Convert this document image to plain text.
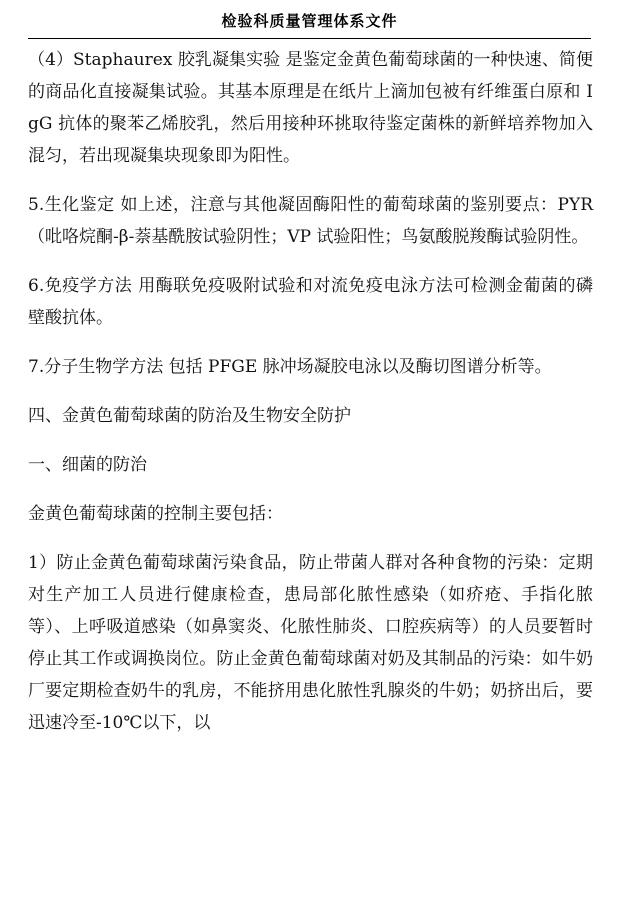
检验科质量管理体系文件

（4）Staphaurex 胶乳凝集实验 是鉴定金黄色葡萄球菌的一种快速、简便的商品化直接凝集试验。其基本原理是在纸片上滴加包被有纤维蛋白原和 IgG 抗体的聚苯乙烯胶乳，然后用接种环挑取待鉴定菌株的新鲜培养物加入混匀，若出现凝集块现象即为阳性。

5.生化鉴定 如上述，注意与其他凝固酶阳性的葡萄球菌的鉴别要点：PYR（吡咯烷酮-β-萘基酰胺试验阴性；VP 试验阳性；鸟氨酸脱羧酶试验阴性。

6.免疫学方法 用酶联免疫吸附试验和对流免疫电泳方法可检测金葡菌的磷壁酸抗体。

7.分子生物学方法 包括 PFGE 脉冲场凝胶电泳以及酶切图谱分析等。

四、金黄色葡萄球菌的防治及生物安全防护

一、细菌的防治

金黄色葡萄球菌的控制主要包括：

1）防止金黄色葡萄球菌污染食品，防止带菌人群对各种食物的污染：定期对生产加工人员进行健康检查，患局部化脓性感染（如疥疮、手指化脓等）、上呼吸道感染（如鼻窦炎、化脓性肺炎、口腔疾病等）的人员要暂时停止其工作或调换岗位。防止金黄色葡萄球菌对奶及其制品的污染：如牛奶厂要定期检查奶牛的乳房，不能挤用患化脓性乳腺炎的牛奶；奶挤出后，要迅速冷至-10℃以下，以
